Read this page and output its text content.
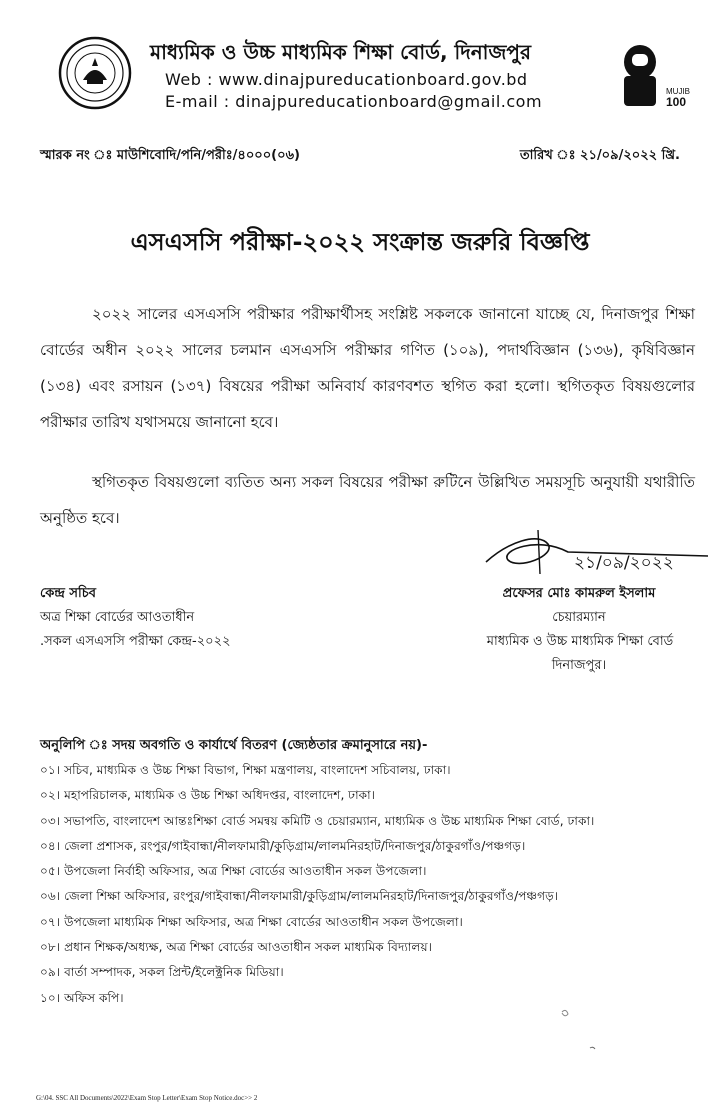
মাধ্যমিক ও উচ্চ মাধ্যমিক শিক্ষা বোর্ড, দিনাজপুর
Web : www.dinajpureducationboard.gov.bd
E-mail : dinajpureducationboard@gmail.com
MUJIB
100
স্মারক নং ঃ মাউশিবোদি/পনি/পরীঃ/৪০০০(০৬)	তারিখ ঃ ২১/০৯/২০২২ খ্রি.
এসএসসি পরীক্ষা-২০২২ সংক্রান্ত জরুরি বিজ্ঞপ্তি
২০২২ সালের এসএসসি পরীক্ষার পরীক্ষার্থীসহ সংশ্লিষ্ট সকলকে জানানো যাচ্ছে যে, দিনাজপুর শিক্ষা বোর্ডের অধীন ২০২২ সালের চলমান এসএসসি পরীক্ষার গণিত (১০৯), পদার্থবিজ্ঞান (১৩৬), কৃষিবিজ্ঞান (১৩৪) এবং রসায়ন (১৩৭) বিষয়ের পরীক্ষা অনিবার্য কারণবশত স্থগিত করা হলো। স্থগিতকৃত বিষয়গুলোর পরীক্ষার তারিখ যথাসময়ে জানানো হবে।
স্থগিতকৃত বিষয়গুলো ব্যতিত অন্য সকল বিষয়ের পরীক্ষা রুটিনে উল্লিখিত সময়সূচি অনুযায়ী যথারীতি অনুষ্ঠিত হবে।
২১/০৯/২০২২
কেন্দ্র সচিব
অত্র শিক্ষা বোর্ডের আওতাধীন
.সকল এসএসসি পরীক্ষা কেন্দ্র-২০২২
প্রফেসর মোঃ কামরুল ইসলাম
চেয়ারম্যান
মাধ্যমিক ও উচ্চ মাধ্যমিক শিক্ষা বোর্ড
দিনাজপুর।
অনুলিপি ঃ সদয় অবগতি ও কার্যার্থে বিতরণ (জ্যেষ্ঠতার ক্রমানুসারে নয়)-
০১। সচিব, মাধ্যমিক ও উচ্চ শিক্ষা বিভাগ, শিক্ষা মন্ত্রণালয়, বাংলাদেশ সচিবালয়, ঢাকা।
০২। মহাপরিচালক, মাধ্যমিক ও উচ্চ শিক্ষা অধিদপ্তর, বাংলাদেশ, ঢাকা।
০৩। সভাপতি, বাংলাদেশ আন্তঃশিক্ষা বোর্ড সমন্বয় কমিটি ও চেয়ারম্যান, মাধ্যমিক ও উচ্চ মাধ্যমিক শিক্ষা বোর্ড, ঢাকা।
০৪। জেলা প্রশাসক, রংপুর/গাইবান্ধা/নীলফামারী/কুড়িগ্রাম/লালমনিরহাট/দিনাজপুর/ঠাকুরগাঁও/পঞ্চগড়।
০৫। উপজেলা নির্বাহী অফিসার, অত্র শিক্ষা বোর্ডের আওতাধীন সকল উপজেলা।
০৬। জেলা শিক্ষা অফিসার, রংপুর/গাইবান্ধা/নীলফামারী/কুড়িগ্রাম/লালমনিরহাট/দিনাজপুর/ঠাকুরগাঁও/পঞ্চগড়।
০৭। উপজেলা মাধ্যমিক শিক্ষা অফিসার, অত্র শিক্ষা বোর্ডের আওতাধীন সকল উপজেলা।
০৮। প্রধান শিক্ষক/অধ্যক্ষ, অত্র শিক্ষা বোর্ডের আওতাধীন সকল মাধ্যমিক বিদ্যালয়।
০৯। বার্তা সম্পাদক, সকল প্রিন্ট/ইলেক্ট্রনিক মিডিয়া।
১০। অফিস কপি।
G:\04. SSC All Documents\2022\Exam Stop Letter\Exam Stop Notice.doc>> 2
